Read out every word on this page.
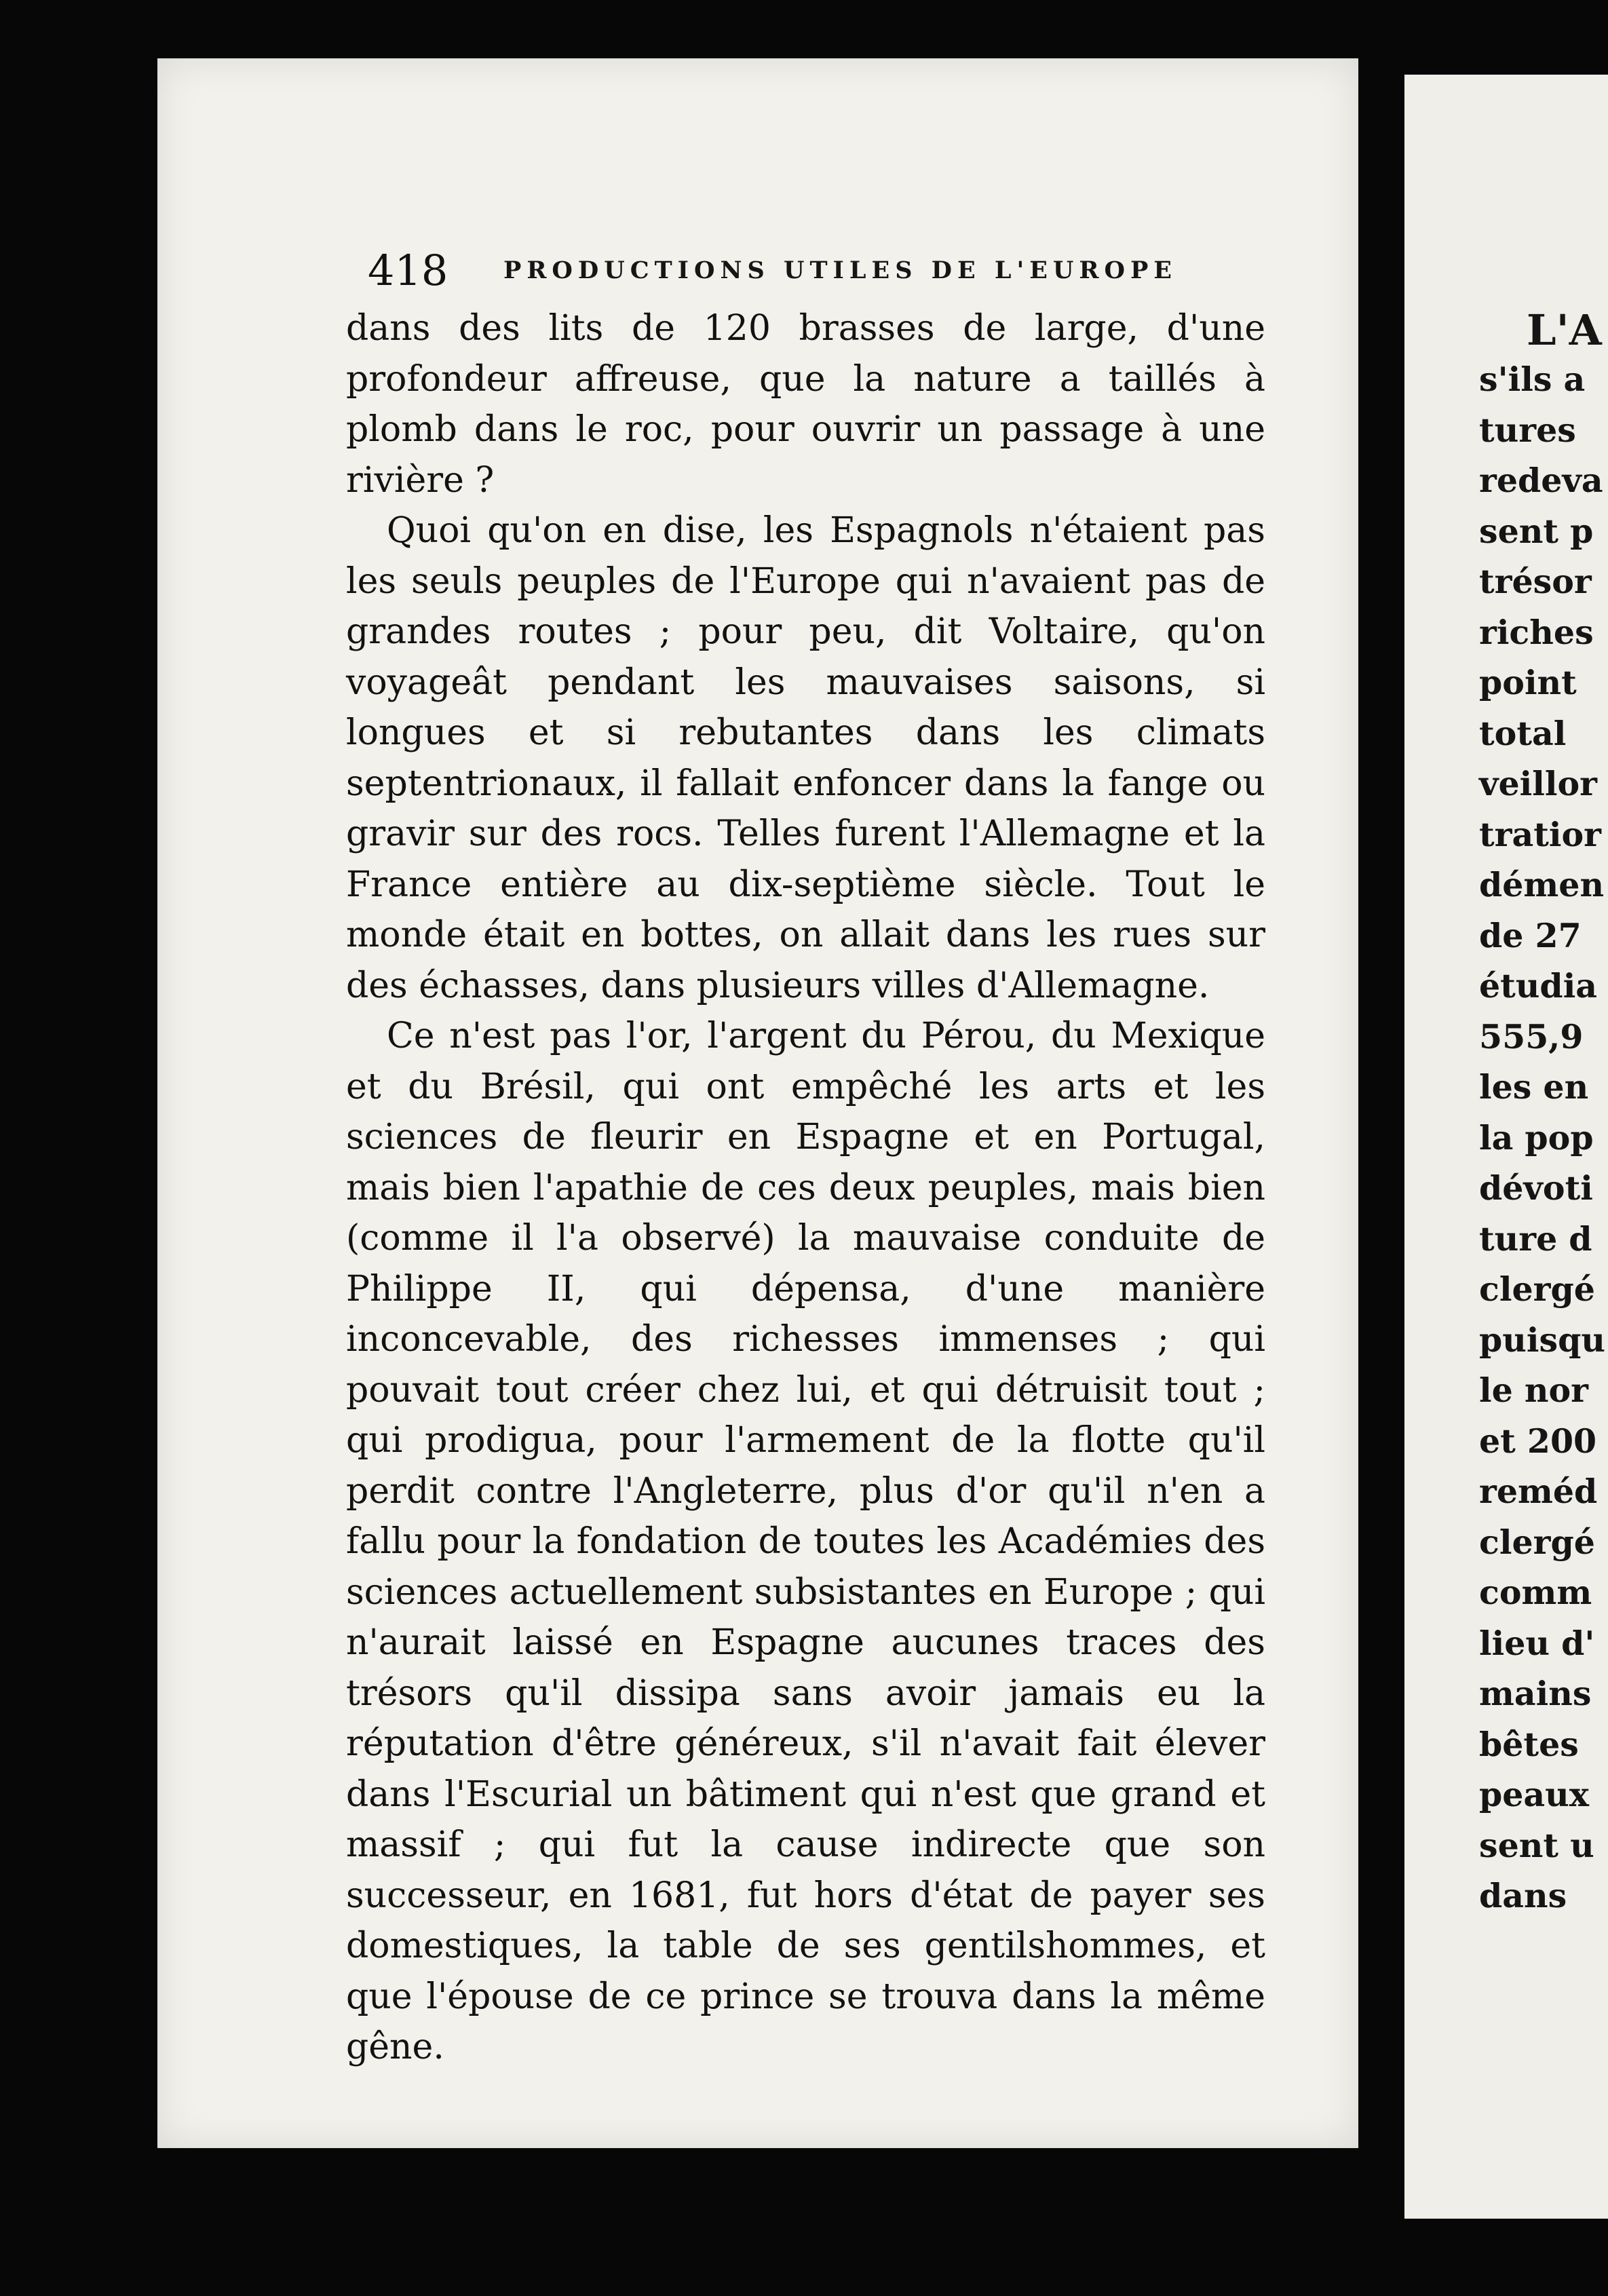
L'A
s'ils a
tures
redeva
sent p
trésor
riches
point
total
veillor
tratior
démen
de 27
étudia
555,9
les en
la pop
dévoti
ture d
clergé
puisqu
le nor
et 200
reméd
clergé
comm
lieu d'
mains
bêtes
peaux
sent u
dans
418 PRODUCTIONS UTILES DE L'EUROPE

dans des lits de 120 brasses de large, d'une profondeur affreuse, que la nature a taillés à plomb dans le roc, pour ouvrir un passage à une rivière ?

Quoi qu'on en dise, les Espagnols n'étaient pas les seuls peuples de l'Europe qui n'avaient pas de grandes routes ; pour peu, dit Voltaire, qu'on voyageât pendant les mauvaises saisons, si longues et si rebutantes dans les climats septentrionaux, il fallait enfoncer dans la fange ou gravir sur des rocs. Telles furent l'Allemagne et la France entière au dix-septième siècle. Tout le monde était en bottes, on allait dans les rues sur des échasses, dans plusieurs villes d'Allemagne.

Ce n'est pas l'or, l'argent du Pérou, du Mexique et du Brésil, qui ont empêché les arts et les sciences de fleurir en Espagne et en Portugal, mais bien l'apathie de ces deux peuples, mais bien (comme il l'a observé) la mauvaise conduite de Philippe II, qui dépensa, d'une manière inconcevable, des richesses immenses ; qui pouvait tout créer chez lui, et qui détruisit tout ; qui prodigua, pour l'armement de la flotte qu'il perdit contre l'Angleterre, plus d'or qu'il n'en a fallu pour la fondation de toutes les Académies des sciences actuellement subsistantes en Europe ; qui n'aurait laissé en Espagne aucunes traces des trésors qu'il dissipa sans avoir jamais eu la réputation d'être généreux, s'il n'avait fait élever dans l'Escurial un bâtiment qui n'est que grand et massif ; qui fut la cause indirecte que son successeur, en 1681, fut hors d'état de payer ses domestiques, la table de ses gentilshommes, et que l'épouse de ce prince se trouva dans la même gêne.
